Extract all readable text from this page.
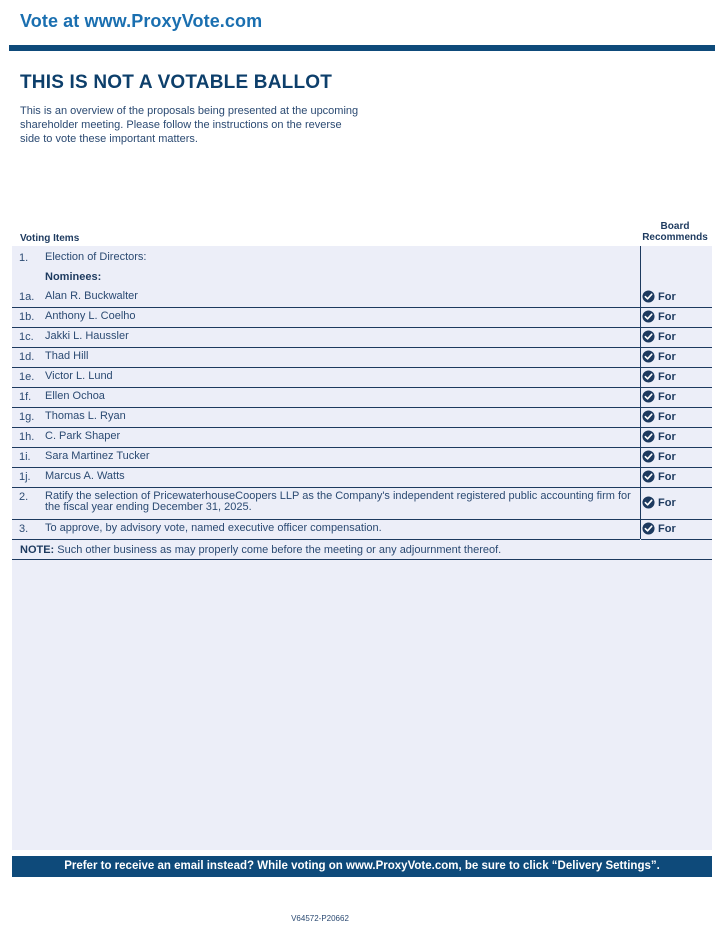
Vote at www.ProxyVote.com
THIS IS NOT A VOTABLE BALLOT

This is an overview of the proposals being presented at the upcoming shareholder meeting. Please follow the instructions on the reverse side to vote these important matters.

Voting Items
Board
Recommends
1. Election of Directors:
Nominees:
NOTE: Such other business as may properly come before the meeting or any adjournment thereof.
Prefer to receive an email instead? While voting on www.ProxyVote.com, be sure to click “Delivery Settings”.
V64572-P20662
1a. Alan R. Buckwalter	For
1b. Anthony L. Coelho	For
1c. Jakki L. Haussler	For
1d. Thad Hill	For
1e. Victor L. Lund	For
1f. Ellen Ochoa	For
1g. Thomas L. Ryan	For
1h. C. Park Shaper	For
1i. Sara Martinez Tucker	For
1j. Marcus A. Watts	For
2. Ratify the selection of PricewaterhouseCoopers LLP as the Company's independent registered public accounting firm for the fiscal year ending December 31, 2025.	For
3. To approve, by advisory vote, named executive officer compensation.	For
